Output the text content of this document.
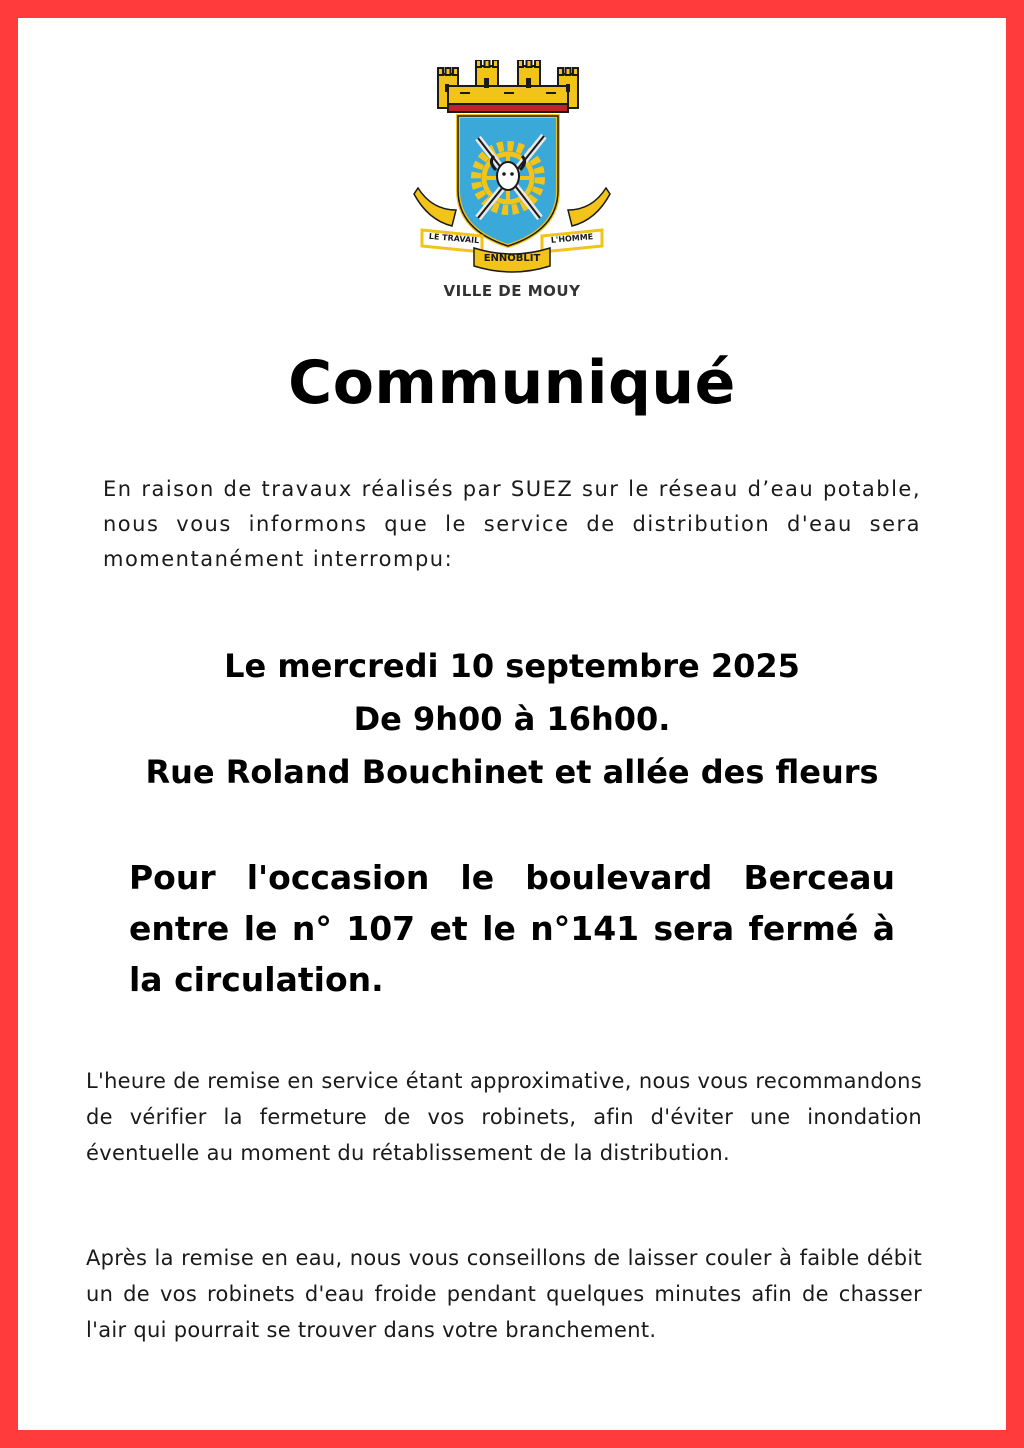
LE TRAVAIL	L'HOMME
ENNOBLIT
VILLE DE MOUY
Communiqué
En raison de travaux réalisés par SUEZ sur le réseau d’eau potable, nous vous informons que le service de distribution d'eau sera momentanément interrompu:
Le mercredi 10 septembre 2025
De 9h00 à 16h00.
Rue Roland Bouchinet et allée des fleurs
Pour l'occasion le boulevard Berceau entre le n° 107 et le n°141 sera fermé à la circulation.
L'heure de remise en service étant approximative, nous vous recommandons de vérifier la fermeture de vos robinets, afin d'éviter une inondation éventuelle au moment du rétablissement de la distribution.
Après la remise en eau, nous vous conseillons de laisser couler à faible débit un de vos robinets d'eau froide pendant quelques minutes afin de chasser l'air qui pourrait se trouver dans votre branchement.
